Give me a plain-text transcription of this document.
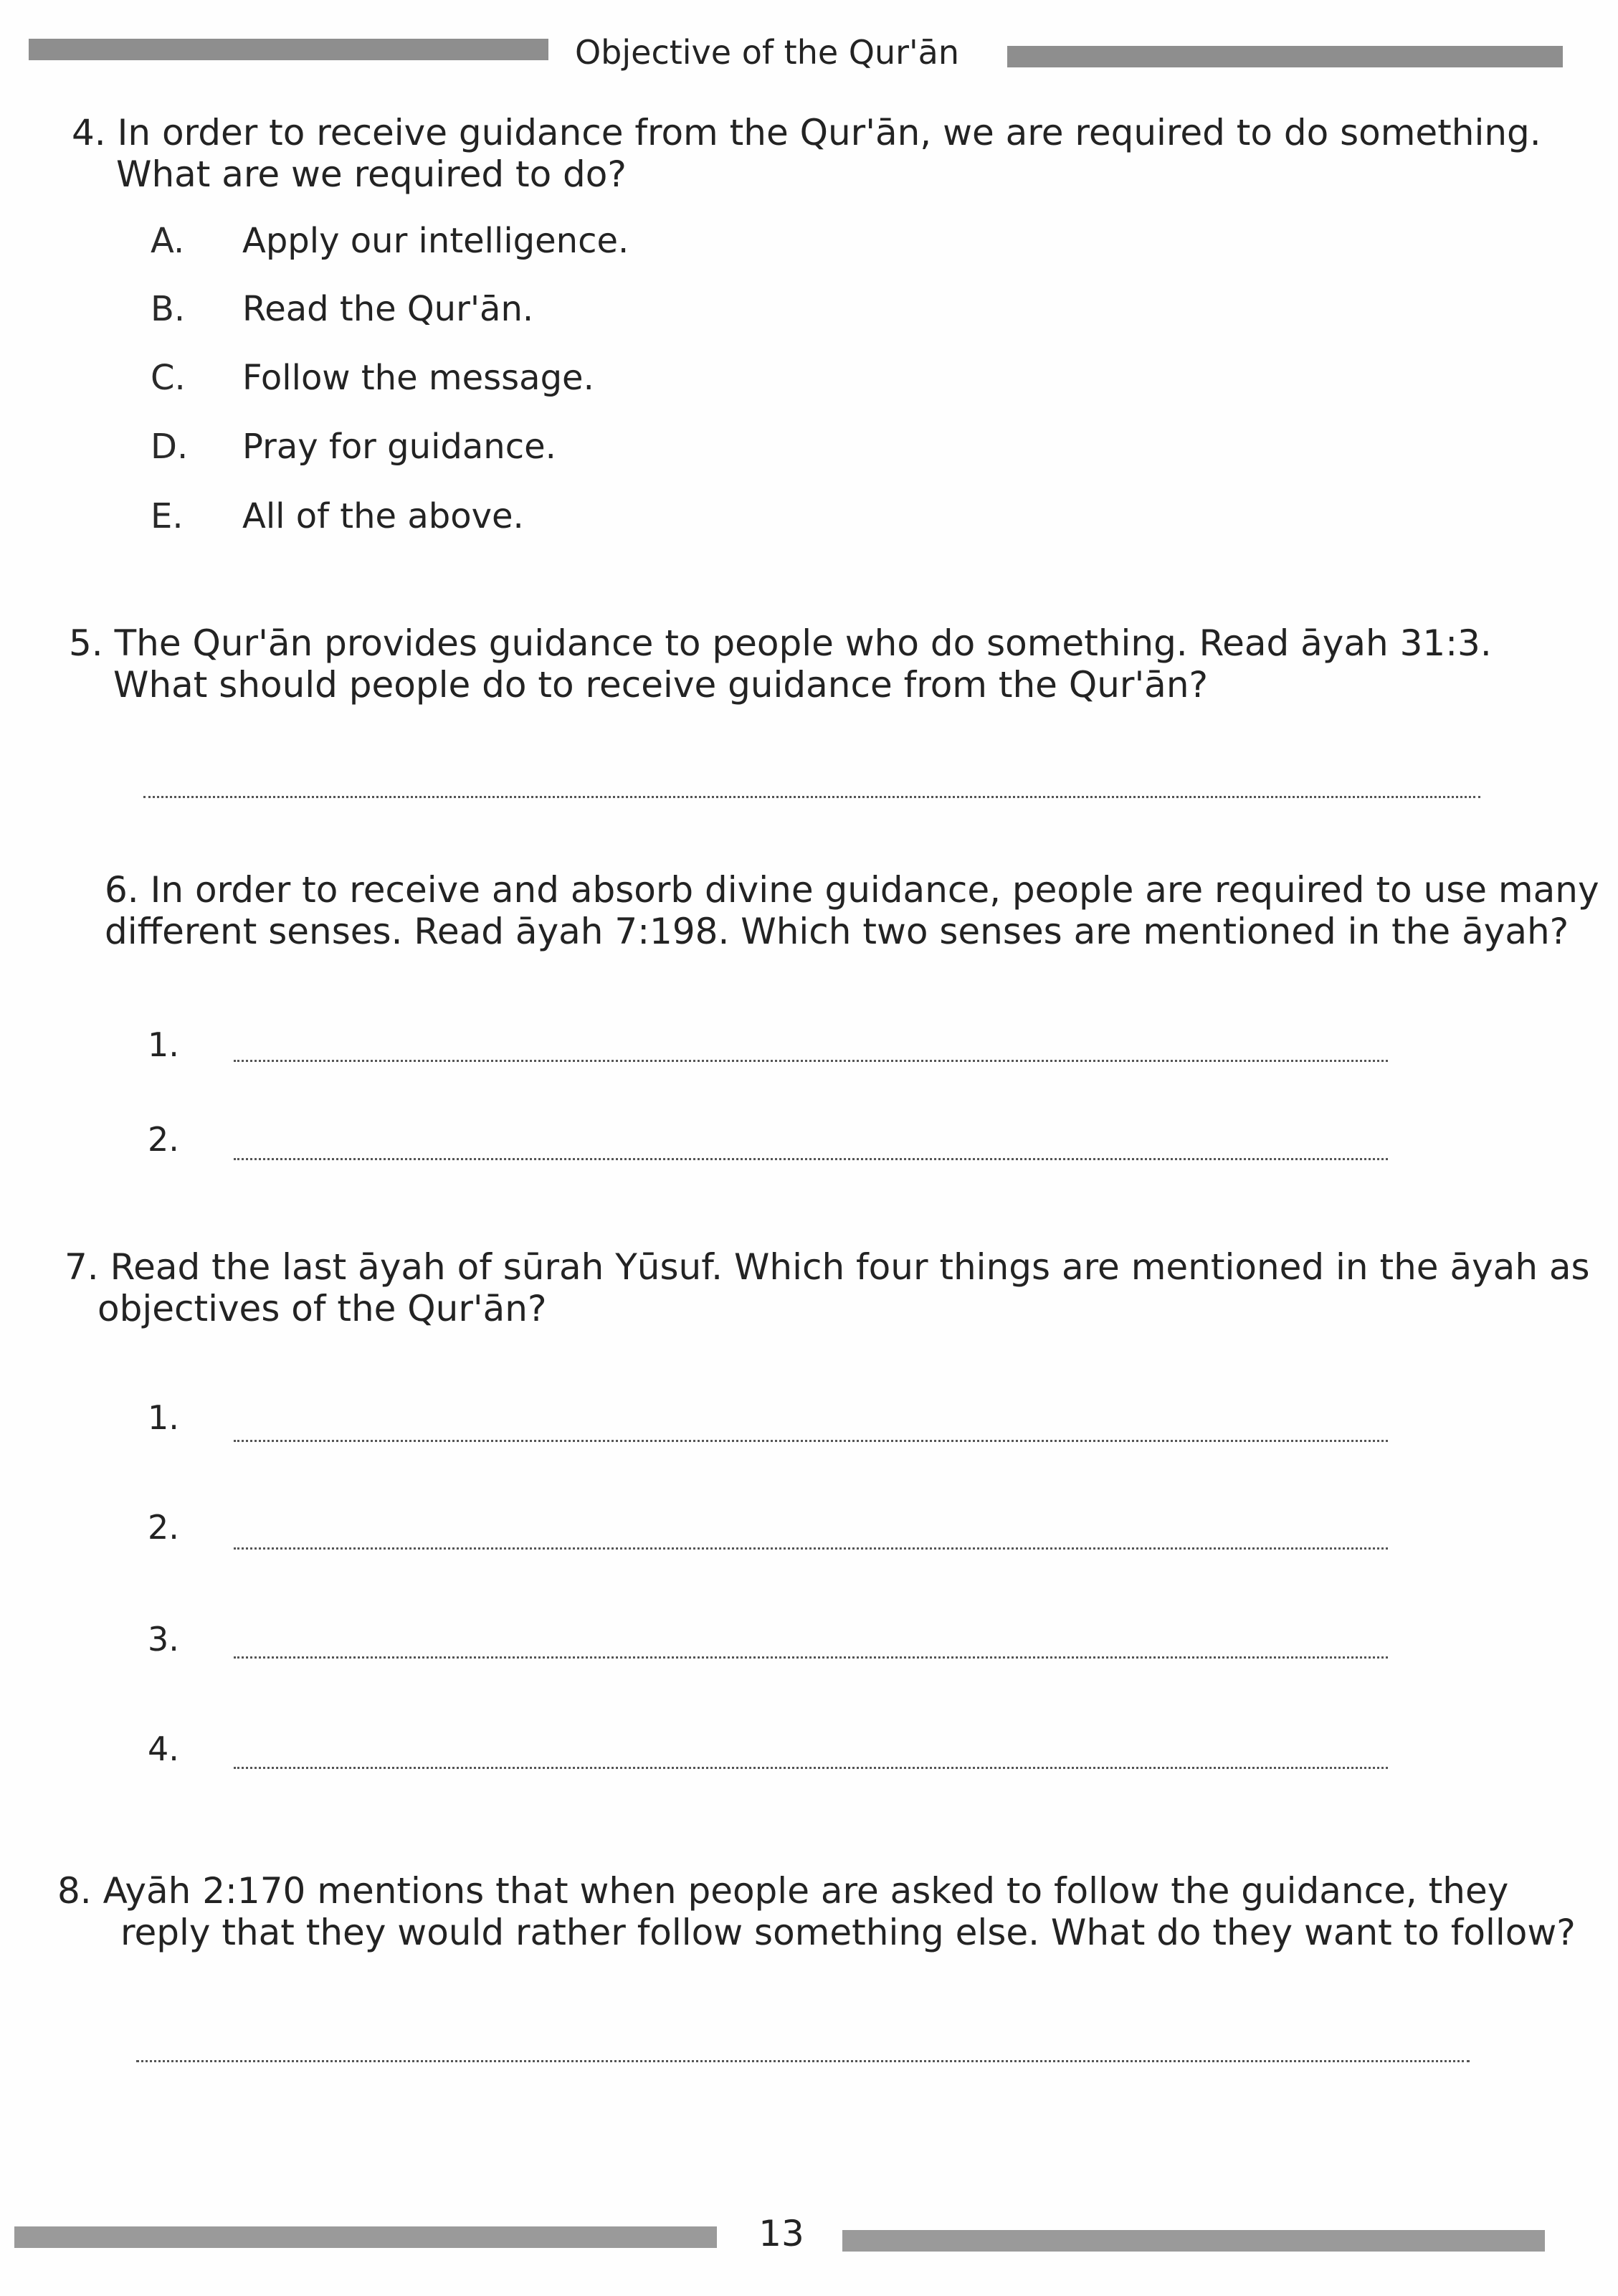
Objective of the Qur'ān
4. In order to receive guidance from the Qur'ān, we are required to do something.
What are we required to do?
A. Apply our intelligence.
B. Read the Qur'ān.
C. Follow the message.
D. Pray for guidance.
E.	All of the above.
5. The Qur'ān provides guidance to people who do something. Read āyah 31:3.
What should people do to receive guidance from the Qur'ān?
6. In order to receive and absorb divine guidance, people are required to use many
different senses. Read āyah 7:198. Which two senses are mentioned in the āyah?
1.
2.
7. Read the last āyah of sūrah Yūsuf. Which four things are mentioned in the āyah as
objectives of the Qur'ān?
1.
2.
3.
4.
8. Ayāh 2:170 mentions that when people are asked to follow the guidance, they
reply that they would rather follow something else. What do they want to follow?
13
